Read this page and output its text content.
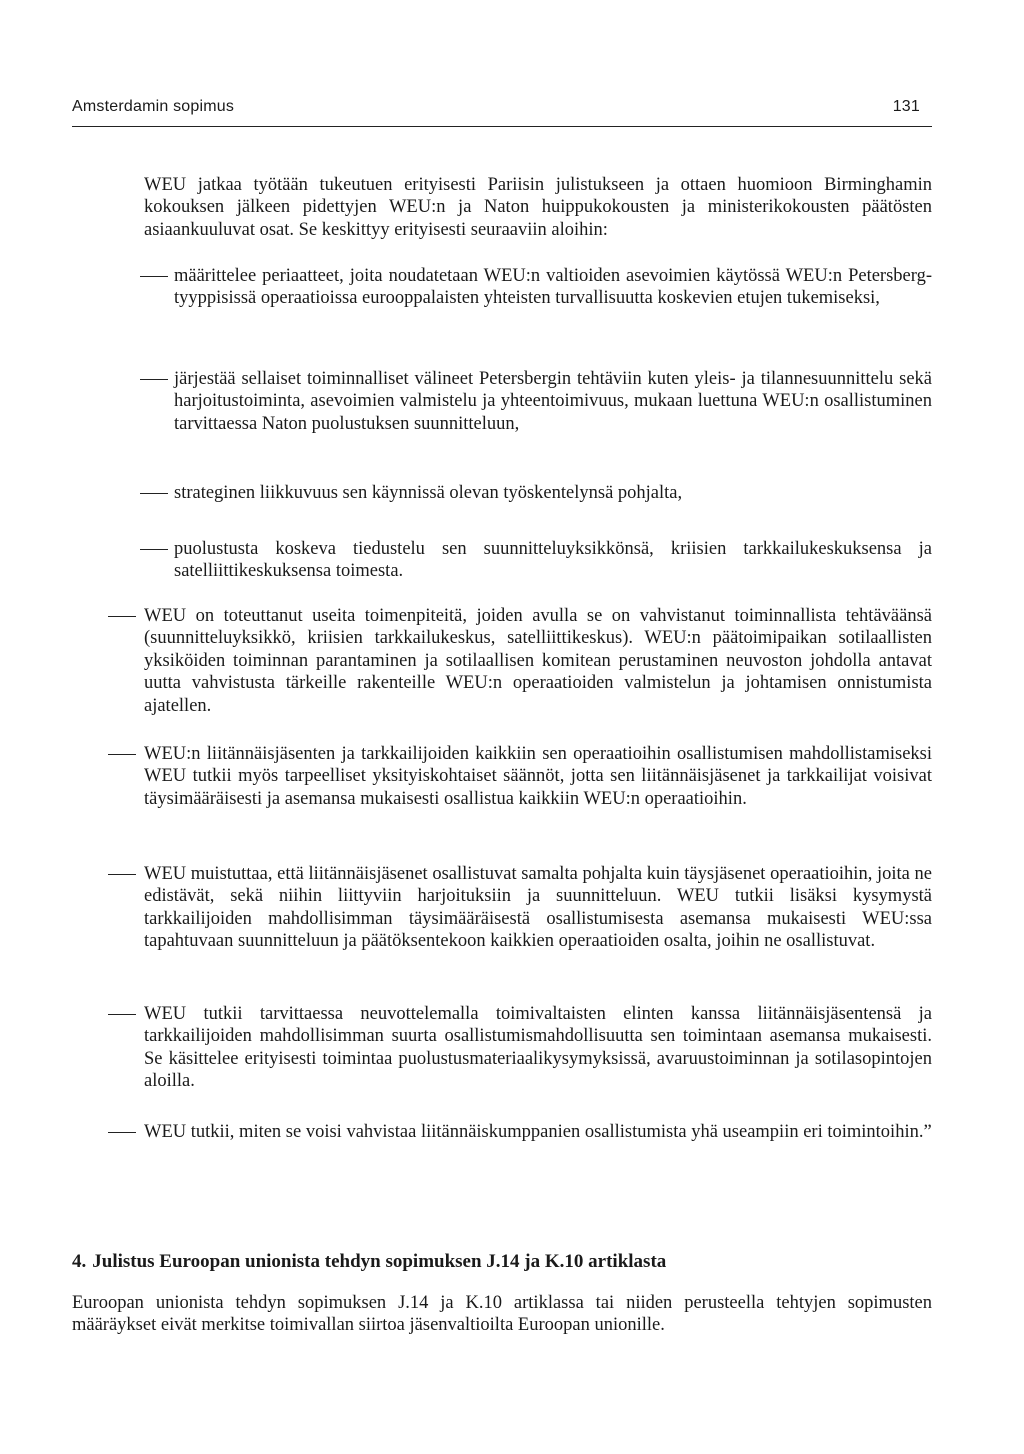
Amsterdamin sopimus	131
WEU jatkaa työtään tukeutuen erityisesti Pariisin julistukseen ja ottaen huomioon Birminghamin kokouksen jälkeen pidettyjen WEU:n ja Naton huippukokousten ja ministerikokousten päätösten asiaankuuluvat osat. Se keskittyy erityisesti seuraaviin aloihin:
määrittelee periaatteet, joita noudatetaan WEU:n valtioiden asevoimien käytössä WEU:n Petersberg-tyyppisissä operaatioissa eurooppalaisten yhteisten turvallisuutta koskevien etujen tukemiseksi,
järjestää sellaiset toiminnalliset välineet Petersbergin tehtäviin kuten yleis- ja tilannesuunnittelu sekä harjoitustoiminta, asevoimien valmistelu ja yhteentoimivuus, mukaan luettuna WEU:n osallistuminen tarvittaessa Naton puolustuksen suunnitteluun,
strateginen liikkuvuus sen käynnissä olevan työskentelynsä pohjalta,
puolustusta koskeva tiedustelu sen suunnitteluyksikkönsä, kriisien tarkkailukeskuksensa ja satelliittikeskuksensa toimesta.
WEU on toteuttanut useita toimenpiteitä, joiden avulla se on vahvistanut toiminnallista tehtäväänsä (suunnitteluyksikkö, kriisien tarkkailukeskus, satelliittikeskus). WEU:n päätoimipaikan sotilaallisten yksiköiden toiminnan parantaminen ja sotilaallisen komitean perustaminen neuvoston johdolla antavat uutta vahvistusta tärkeille rakenteille WEU:n operaatioiden valmistelun ja johtamisen onnistumista ajatellen.
WEU:n liitännäisjäsenten ja tarkkailijoiden kaikkiin sen operaatioihin osallistumisen mahdollistamiseksi WEU tutkii myös tarpeelliset yksityiskohtaiset säännöt, jotta sen liitännäisjäsenet ja tarkkailijat voisivat täysimääräisesti ja asemansa mukaisesti osallistua kaikkiin WEU:n operaatioihin.
WEU muistuttaa, että liitännäisjäsenet osallistuvat samalta pohjalta kuin täysjäsenet operaatioihin, joita ne edistävät, sekä niihin liittyviin harjoituksiin ja suunnitteluun. WEU tutkii lisäksi kysymystä tarkkailijoiden mahdollisimman täysimääräisestä osallistumisesta asemansa mukaisesti WEU:ssa tapahtuvaan suunnitteluun ja päätöksentekoon kaikkien operaatioiden osalta, joihin ne osallistuvat.
WEU tutkii tarvittaessa neuvottelemalla toimivaltaisten elinten kanssa liitännäisjäsentensä ja tarkkailijoiden mahdollisimman suurta osallistumismahdollisuutta sen toimintaan asemansa mukaisesti. Se käsittelee erityisesti toimintaa puolustusmateriaalikysymyksissä, avaruustoiminnan ja sotilasopintojen aloilla.
WEU tutkii, miten se voisi vahvistaa liitännäiskumppanien osallistumista yhä useampiin eri toimintoihin.”
4. Julistus Euroopan unionista tehdyn sopimuksen J.14 ja K.10 artiklasta
Euroopan unionista tehdyn sopimuksen J.14 ja K.10 artiklassa tai niiden perusteella tehtyjen sopimusten määräykset eivät merkitse toimivallan siirtoa jäsenvaltioilta Euroopan unionille.
